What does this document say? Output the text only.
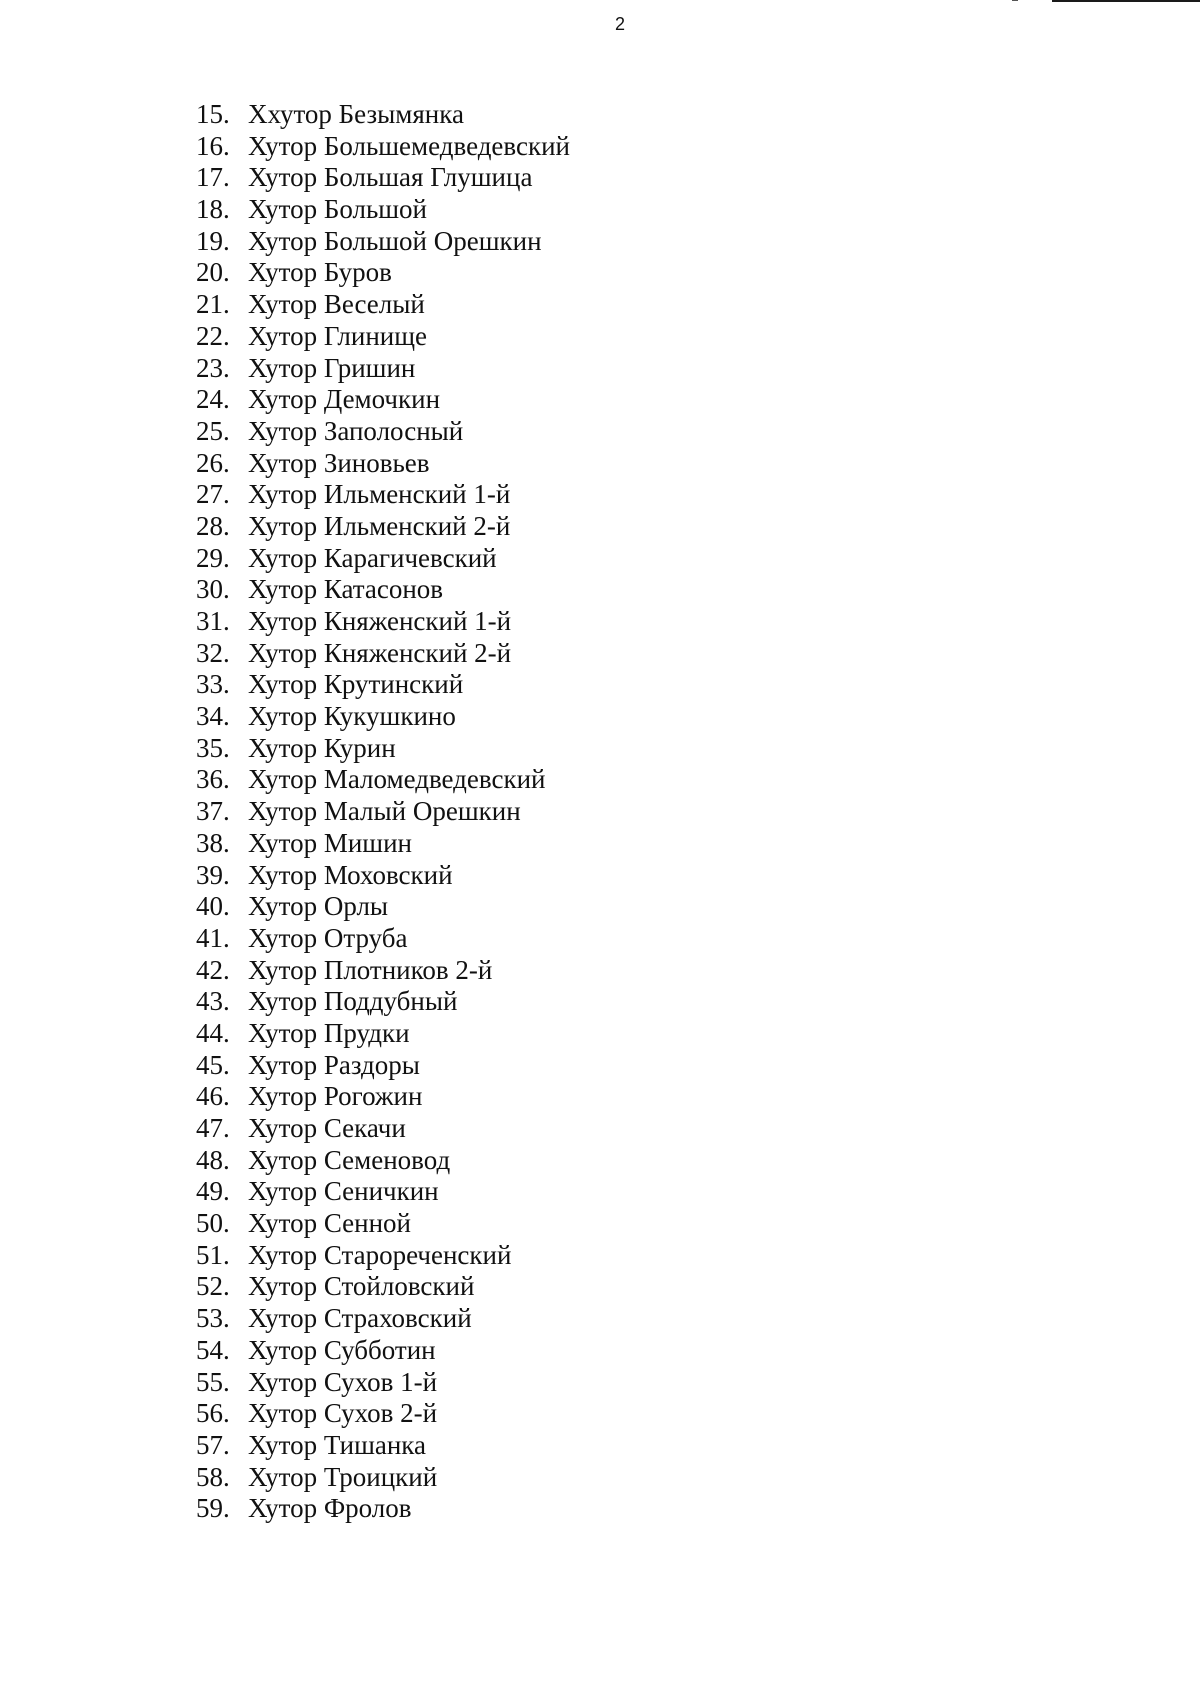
2
15. Ххутор Безымянка
16. Хутор Большемедведевский
17. Хутор Большая Глушица
18. Хутор Большой
19. Хутор Большой Орешкин
20. Хутор Буров
21. Хутор Веселый
22. Хутор Глинище
23. Хутор Гришин
24. Хутор Демочкин
25. Хутор Заполосный
26. Хутор Зиновьев
27. Хутор Ильменский 1-й
28. Хутор Ильменский 2-й
29. Хутор Карагичевский
30. Хутор Катасонов
31. Хутор Княженский 1-й
32. Хутор Княженский 2-й
33. Хутор Крутинский
34. Хутор Кукушкино
35. Хутор Курин
36. Хутор Маломедведевский
37. Хутор Малый Орешкин
38. Хутор Мишин
39. Хутор Моховский
40. Хутор Орлы
41. Хутор Отруба
42. Хутор Плотников 2-й
43. Хутор Поддубный
44. Хутор Прудки
45. Хутор Раздоры
46. Хутор Рогожин
47. Хутор Секачи
48. Хутор Семеновод
49. Хутор Сеничкин
50. Хутор Сенной
51. Хутор Старореченский
52. Хутор Стойловский
53. Хутор Страховский
54. Хутор Субботин
55. Хутор Сухов 1-й
56. Хутор Сухов 2-й
57. Хутор Тишанка
58. Хутор Троицкий
59. Хутор Фролов
